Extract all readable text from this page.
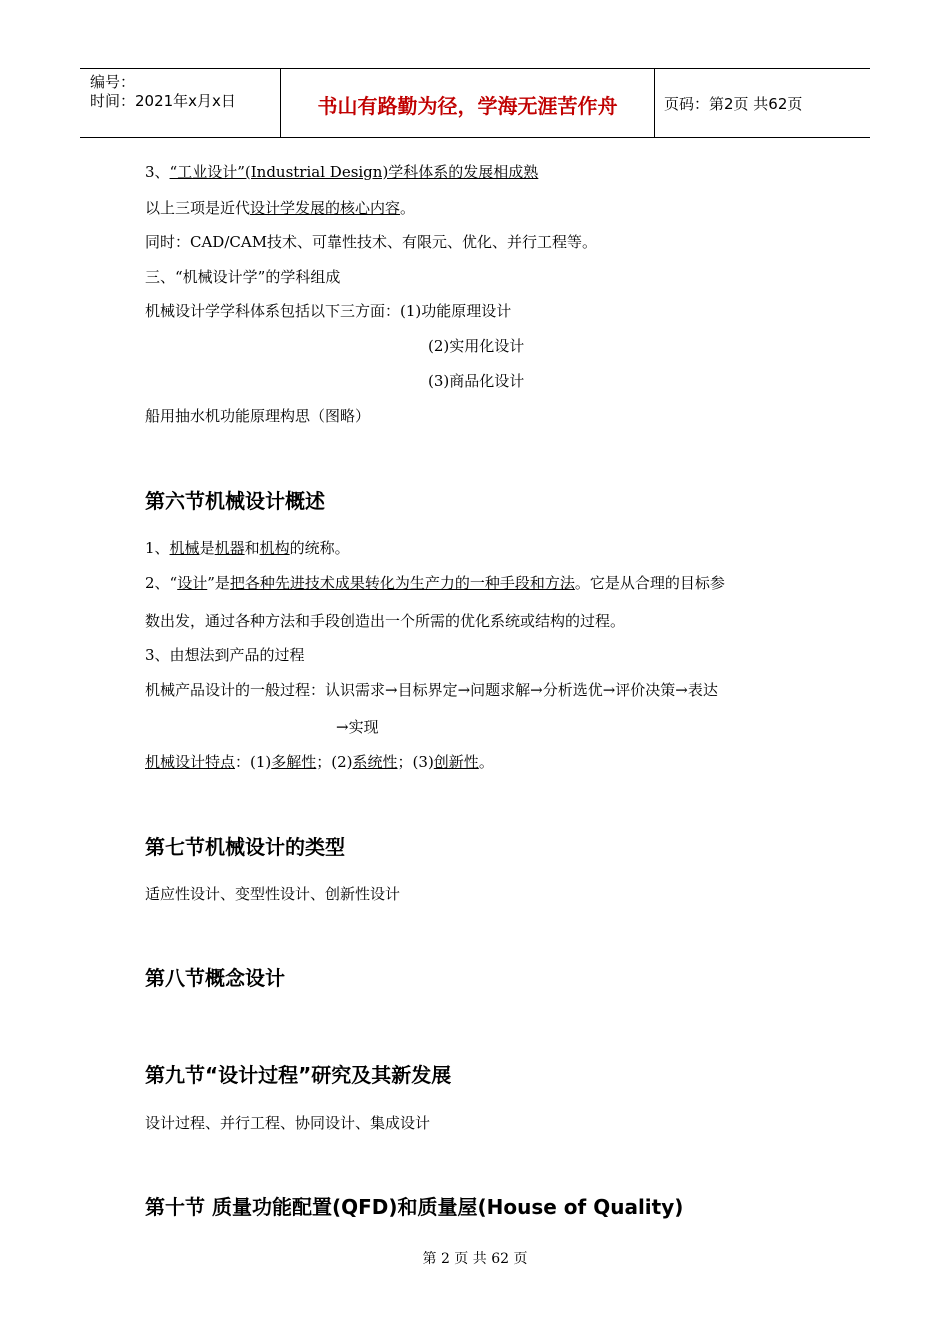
编号：
时间：2021年x月x日	书山有路勤为径，学海无涯苦作舟	页码：第2页 共62页
3、“工业设计”(Industrial Design)学科体系的发展相成熟
以上三项是近代设计学发展的核心内容。
同时：CAD/CAM技术、可靠性技术、有限元、优化、并行工程等。
三、“机械设计学”的学科组成
机械设计学学科体系包括以下三方面：(1)功能原理设计
(2)实用化设计
(3)商品化设计
船用抽水机功能原理构思（图略）
第六节机械设计概述
1、机械是机器和机构的统称。
2、“设计”是把各种先进技术成果转化为生产力的一种手段和方法。它是从合理的目标参
数出发，通过各种方法和手段创造出一个所需的优化系统或结构的过程。
3、由想法到产品的过程
机械产品设计的一般过程：认识需求→目标界定→问题求解→分析选优→评价决策→表达
→实现
机械设计特点：(1)多解性；(2)系统性；(3)创新性。
第七节机械设计的类型
适应性设计、变型性设计、创新性设计
第八节概念设计
第九节“设计过程”研究及其新发展
设计过程、并行工程、协同设计、集成设计
第十节 质量功能配置(QFD)和质量屋(House of Quality)
第 2 页 共 62 页
